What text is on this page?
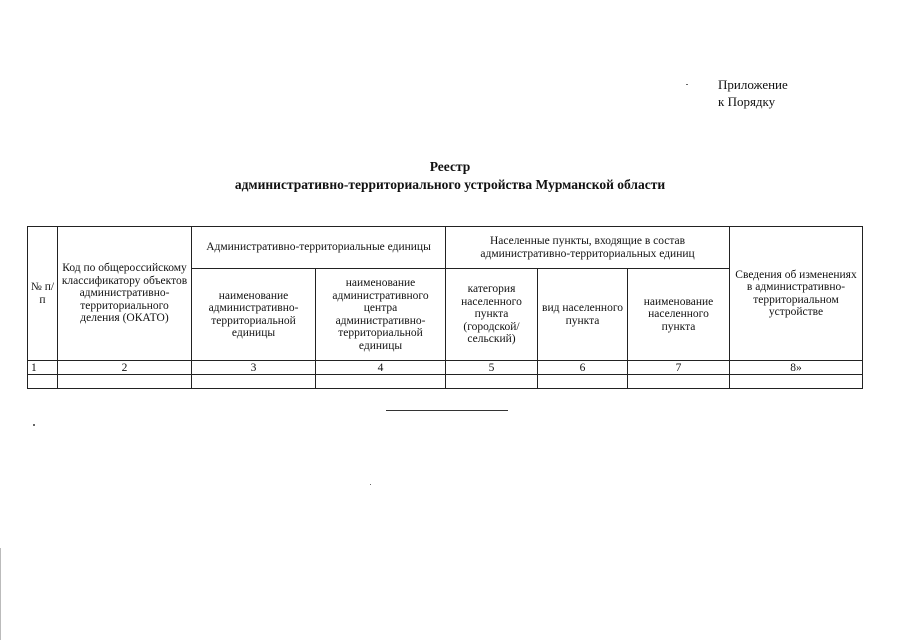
Приложение
к Порядку
Реестр
административно-территориального устройства Мурманской области
№ п/п	Код по общероссийскому классификатору объектов административно-территориального деления (ОКАТО)	Административно-территориальные единицы		Населенные пункты, входящие в состав административно-территориальных единиц			Сведения об изменениях в административно-территориальном устройстве
		наименование административно-территориальной единицы	наименование административного центра административно-территориальной единицы	категория населенного пункта (городской/ сельский)	вид населенного пункта	наименование населенного пункта	
1	2	3	4	5	6	7	8»
